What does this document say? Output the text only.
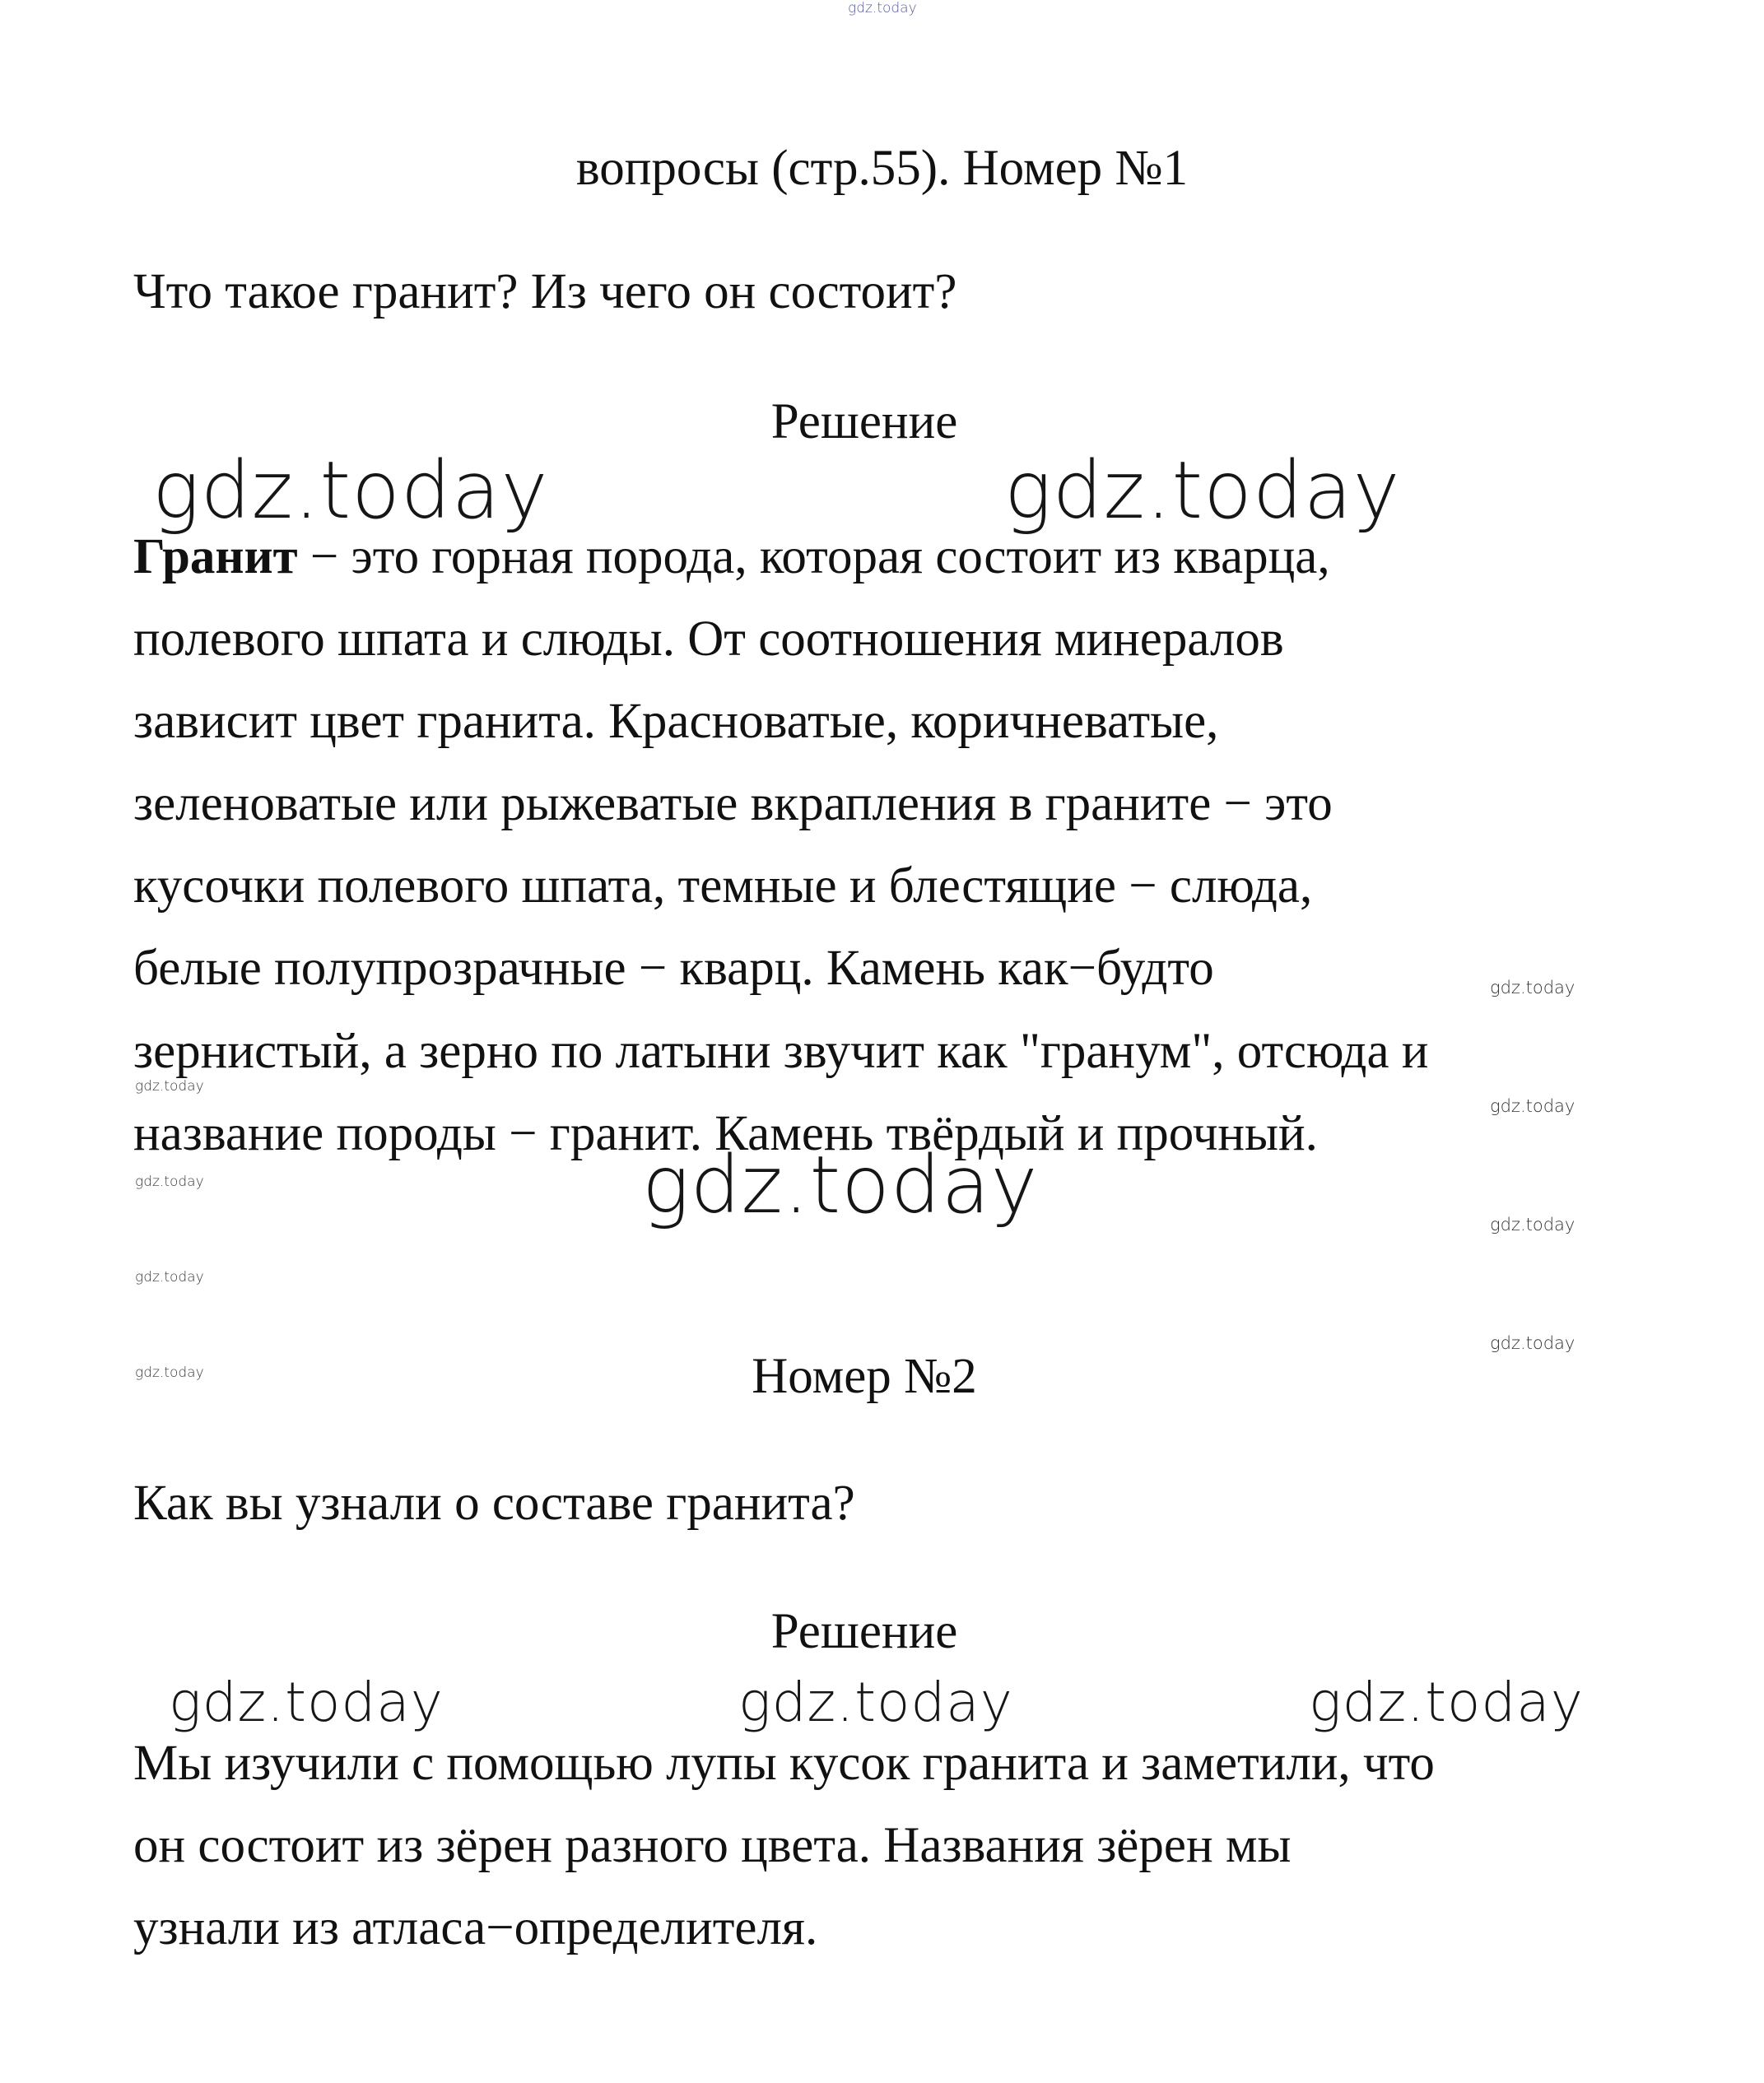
gdz.today
вопросы (стр.55). Номер №1
Что такое гранит? Из чего он состоит?
Решение
gdz.today	gdz.today
Гранит − это горная порода, которая состоит из кварца,
полевого шпата и слюды. От соотношения минералов
зависит цвет гранита. Красноватые, коричневатые,
зеленоватые или рыжеватые вкрапления в граните − это
кусочки полевого шпата, темные и блестящие − слюда,
белые полупрозрачные − кварц. Камень как−будто
зернистый, а зерно по латыни звучит как "гранум", отсюда и
название породы − гранит. Камень твёрдый и прочный.
gdz.today
gdz.today
gdz.today
gdz.today
gdz.today
gdz.today
gdz.today
gdz.today
gdz.today	Номер №2
Как вы узнали о составе гранита?
Решение
gdz.today	gdz.today	gdz.today
Мы изучили с помощью лупы кусок гранита и заметили, что
он состоит из зёрен разного цвета. Названия зёрен мы
узнали из атласа−определителя.
